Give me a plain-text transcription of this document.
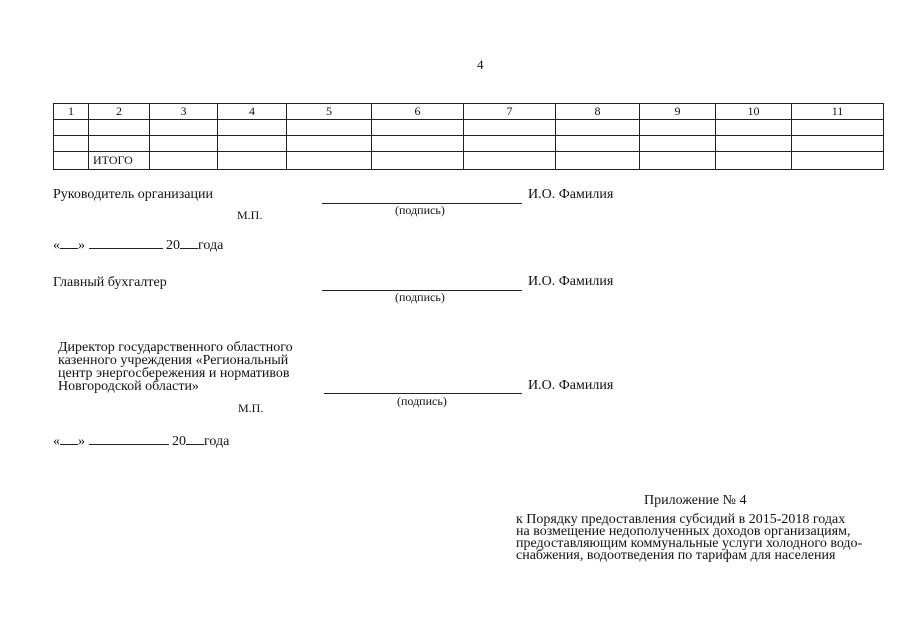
4
1	2	3	4	5	6	7	8	9	10	11

	ИТОГО									
Руководитель организации	И.О. Фамилия
(подпись)
М.П.
« »	20 года
Главный бухгалтер	И.О. Фамилия
(подпись)
Директор государственного областного
казенного учреждения «Региональный
центр энергосбережения и нормативов
Новгородской области»	И.О. Фамилия
(подпись)
М.П.
« »	20 года
Приложение № 4
к Порядку предоставления субсидий в 2015-2018 годах
на возмещение недополученных доходов организациям,
предоставляющим коммунальные услуги холодного водо-
снабжения, водоотведения по тарифам для населения
